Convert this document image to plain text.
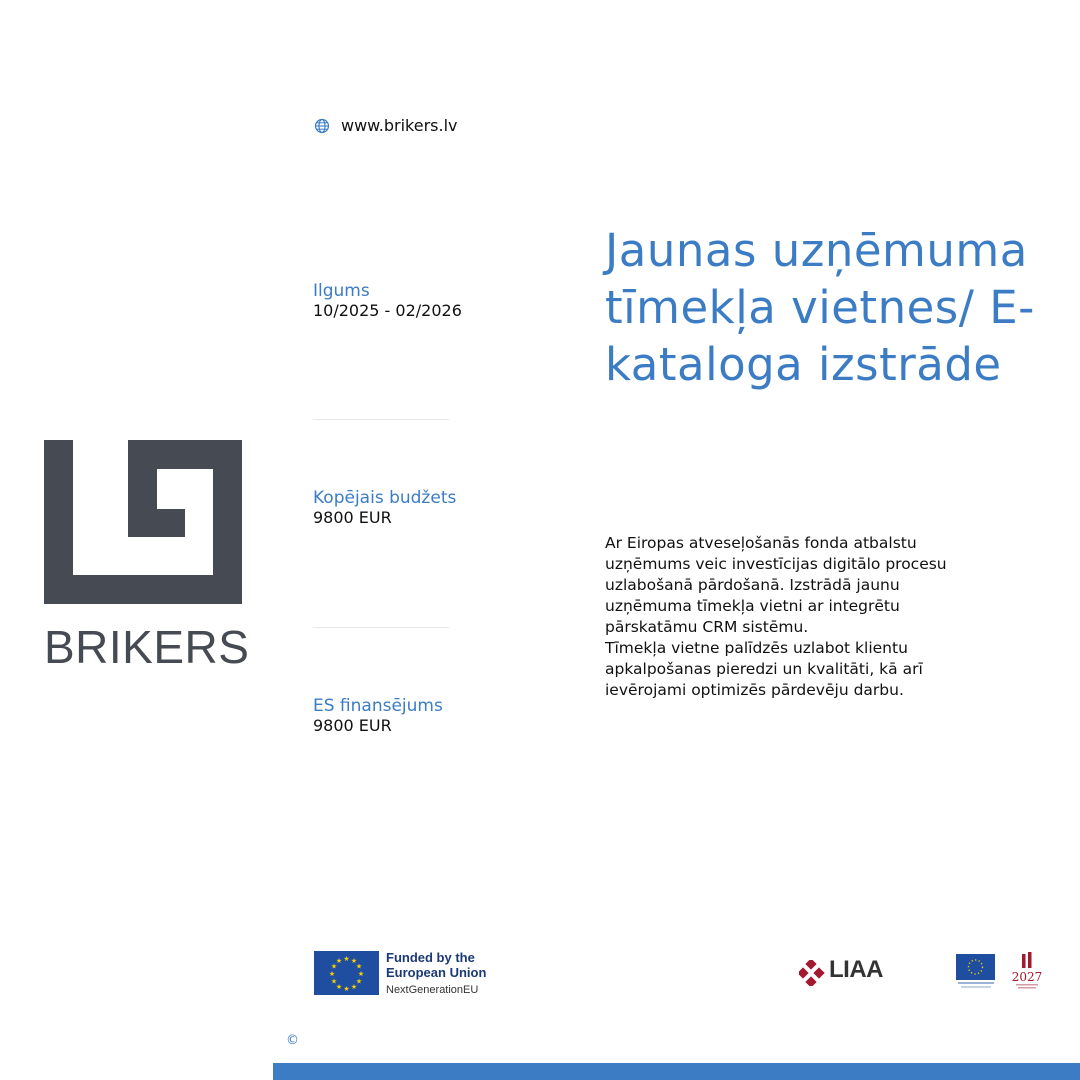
www.brikers.lv
Jaunas uzņēmuma tīmekļa vietnes/ E-kataloga izstrāde
Ilgums
10/2025 - 02/2026
Kopējais budžets
9800 EUR
ES finansējums
9800 EUR
Ar Eiropas atveseļošanās fonda atbalstu
uzņēmums veic investīcijas digitālo procesu
uzlabošanā pārdošanā. Izstrādā jaunu
uzņēmuma tīmekļa vietni ar integrētu
pārskatāmu CRM sistēmu.
Tīmekļa vietne palīdzēs uzlabot klientu
apkalpošanas pieredzi un kvalitāti, kā arī
ievērojami optimizēs pārdevēju darbu.
BRIKERS
★ ★
★
★
★
★
★
★
★
★
★
★	Funded by the
European Union
NextGenerationEU
LIAA	2027
©
